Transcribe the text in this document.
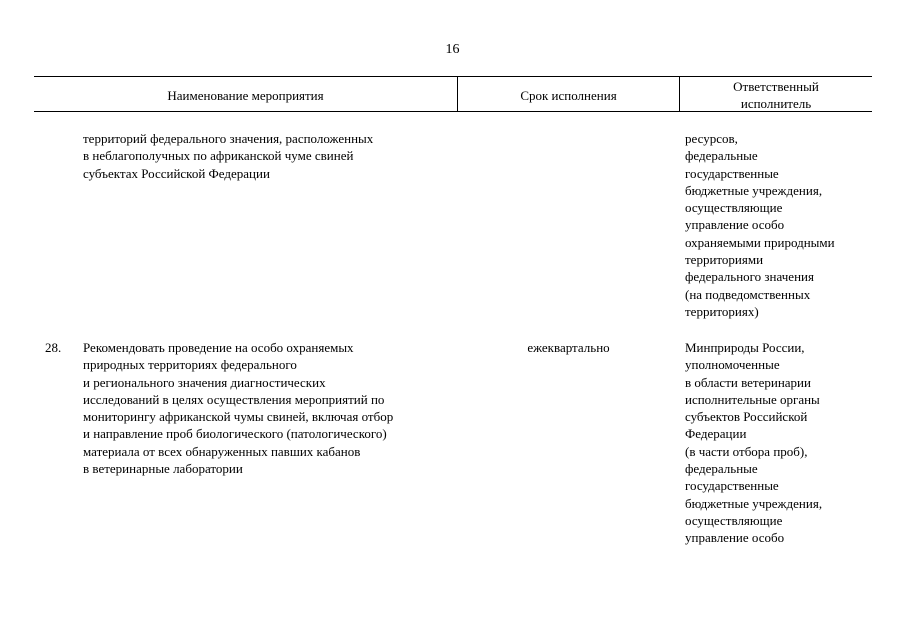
16
Наименование мероприятия	Срок исполнения
Ответственный
исполнитель
территорий федерального значения, расположенных
в неблагополучных по африканской чуме свиней
субъектах Российской Федерации
ресурсов,
федеральные
государственные
бюджетные учреждения,
осуществляющие
управление особо
охраняемыми природными
территориями
федерального значения
(на подведомственных
территориях)
28. Рекомендовать проведение на особо охраняемых
природных территориях федерального
и регионального значения диагностических
исследований в целях осуществления мероприятий по
мониторингу африканской чумы свиней, включая отбор
и направление проб биологического (патологического)
материала от всех обнаруженных павших кабанов
в ветеринарные лаборатории
ежеквартально	Минприроды России,
уполномоченные
в области ветеринарии
исполнительные органы
субъектов Российской
Федерации
(в части отбора проб),
федеральные
государственные
бюджетные учреждения,
осуществляющие
управление особо
